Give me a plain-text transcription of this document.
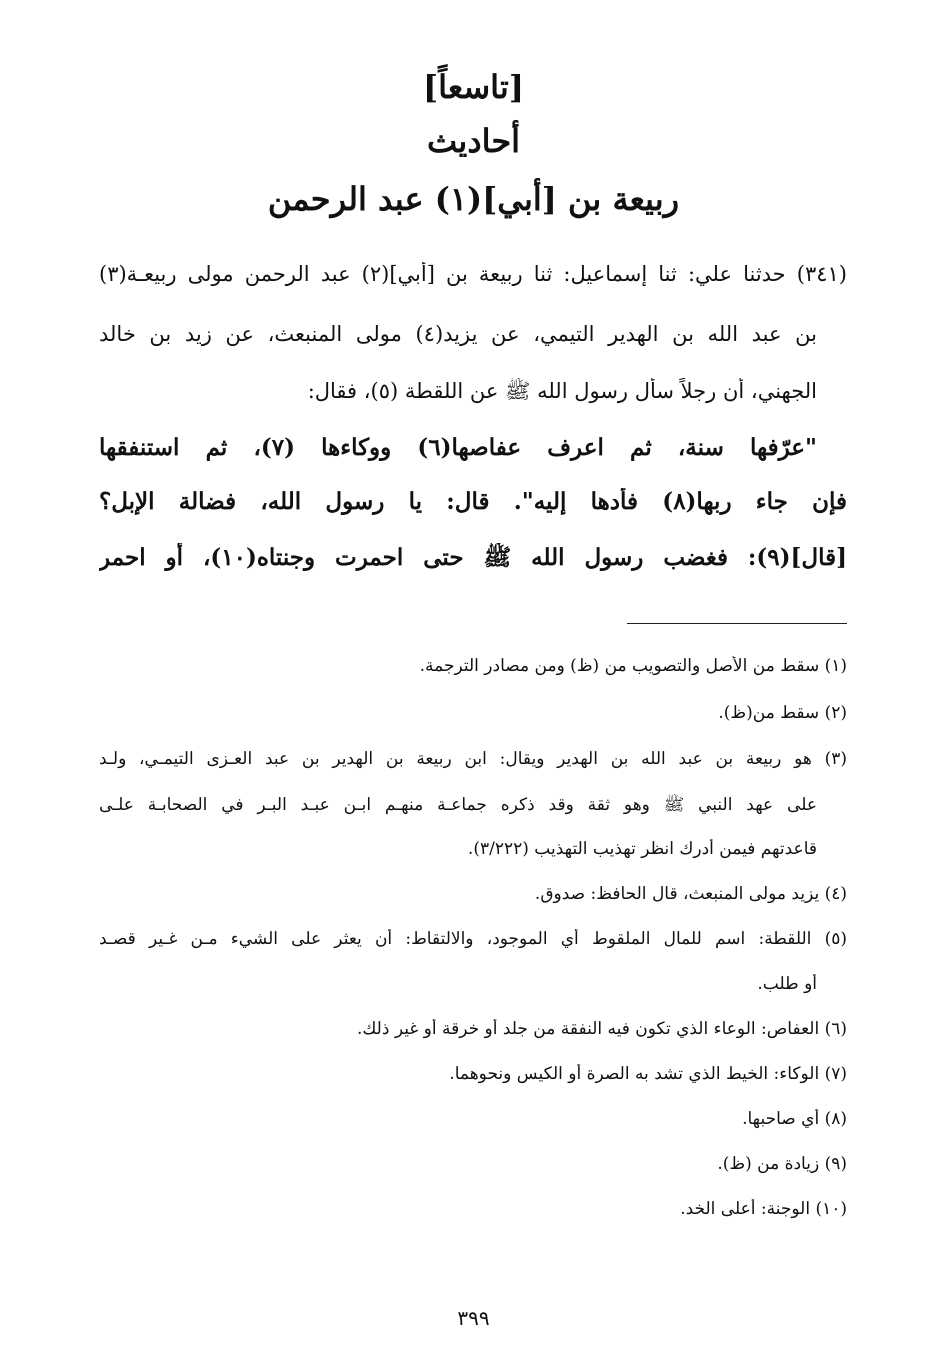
[تاسعاً]
أحاديث
ربيعة بن [أبي](١) عبد الرحمن
(٣٤١) حدثنا علي: ثنا إسماعيل: ثنا ربيعة بن [أبي](٢) عبد الرحمن مولى ربيعـة(٣)
بن عبد الله بن الهدير التيمي، عن يزيد(٤) مولى المنبعث، عن زيد بن خالد
الجهني، أن رجلاً سأل رسول الله ﷺ عن اللقطة (٥)، فقال:
"عرّفها سنة، ثم اعرف عفاصها(٦) ووكاءها (٧)، ثم استنفقها
فإن جاء ربها(٨) فأدها إليه". قال: يا رسول الله، فضالة الإبل؟
[قال](٩): فغضب رسول الله ﷺ حتى احمرت وجنتاه(١٠)، أو احمر
(١) سقط من الأصل والتصويب من (ظ) ومن مصادر الترجمة.
(٢) سقط من(ظ).
(٣) هو ربيعة بن عبد الله بن الهدير ويقال: ابن ربيعة بن الهدير بن عبد العـزى التيمـي، ولـد
على عهد النبي ﷺ وهو ثقة وقد ذكره جماعـة منهـم ابـن عبـد البـر في الصحابـة علـى
قاعدتهم فيمن أدرك انظر تهذيب التهذيب (٣/٢٢٢).
(٤) يزيد مولى المنبعث، قال الحافظ: صدوق.
(٥) اللقطة: اسم للمال الملقوط أي الموجود، والالتقاط: أن يعثر على الشيء مـن غـير قصـد
أو طلب.
(٦) العفاص: الوعاء الذي تكون فيه النفقة من جلد أو خرقة أو غير ذلك.
(٧) الوكاء: الخيط الذي تشد به الصرة أو الكيس ونحوهما.
(٨) أي صاحبها.
(٩) زيادة من (ظ).
(١٠) الوجنة: أعلى الخد.
٣٩٩
